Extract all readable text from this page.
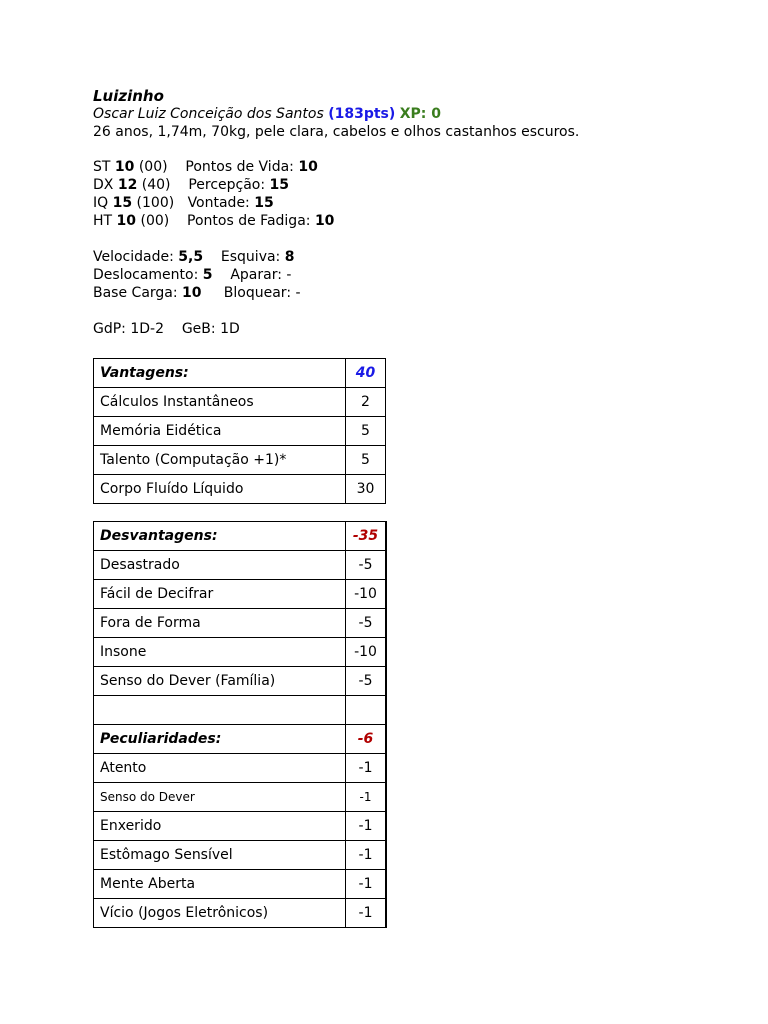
Luizinho
Oscar Luiz Conceição dos Santos (183pts) XP: 0
26 anos, 1,74m, 70kg, pele clara, cabelos e olhos castanhos escuros.
ST 10 (00) Pontos de Vida: 10
DX 12 (40) Percepção: 15
IQ 15 (100) Vontade: 15
HT 10 (00) Pontos de Fadiga: 10
Velocidade: 5,5 Esquiva: 8
Deslocamento: 5 Aparar: -
Base Carga: 10 Bloquear: -
GdP: 1D-2 GeB: 1D
Vantagens:	40
Cálculos Instantâneos	2
Memória Eidética	5
Talento (Computação +1)*	5
Corpo Fluído Líquido	30
Desvantagens:	-35
Desastrado	-5
Fácil de Decifrar	-10
Fora de Forma	-5
Insone	-10
Senso do Dever (Família)	-5

Peculiaridades:	-6
Atento	-1
Senso do Dever	-1
Enxerido	-1
Estômago Sensível	-1
Mente Aberta	-1
Vício (Jogos Eletrônicos)	-1
